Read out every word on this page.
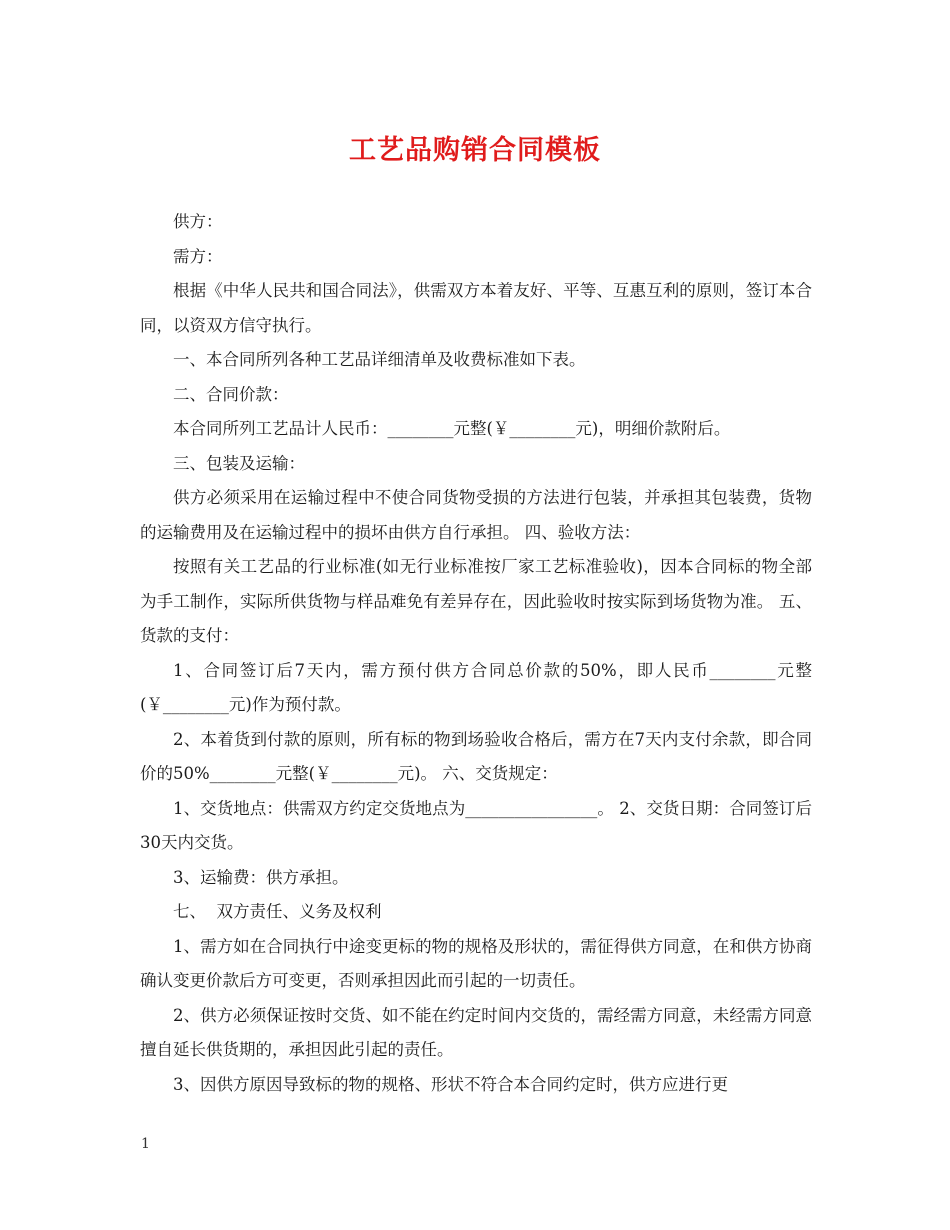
工艺品购销合同模板

供方：

需方：

根据《中华人民共和国合同法》，供需双方本着友好、平等、互惠互利的原则，签订本合同，以资双方信守执行。

一、本合同所列各种工艺品详细清单及收费标准如下表。

二、合同价款：

本合同所列工艺品计人民币：________元整(￥________元)，明细价款附后。

三、包装及运输：

供方必须采用在运输过程中不使合同货物受损的方法进行包装，并承担其包装费，货物的运输费用及在运输过程中的损坏由供方自行承担。 四、验收方法：

按照有关工艺品的行业标准(如无行业标准按厂家工艺标准验收)，因本合同标的物全部为手工制作，实际所供货物与样品难免有差异存在，因此验收时按实际到场货物为准。 五、货款的支付：

1、合同签订后7天内，需方预付供方合同总价款的50%，即人民币________元整(￥________元)作为预付款。

2、本着货到付款的原则，所有标的物到场验收合格后，需方在7天内支付余款，即合同价的50%________元整(￥________元)。 六、交货规定：

1、交货地点：供需双方约定交货地点为________________。 2、交货日期：合同签订后30天内交货。

3、运输费：供方承担。

七、  双方责任、义务及权利

1、需方如在合同执行中途变更标的物的规格及形状的，需征得供方同意，在和供方协商确认变更价款后方可变更，否则承担因此而引起的一切责任。

2、供方必须保证按时交货、如不能在约定时间内交货的，需经需方同意，未经需方同意擅自延长供货期的，承担因此引起的责任。

3、因供方原因导致标的物的规格、形状不符合本合同约定时，供方应进行更

1
